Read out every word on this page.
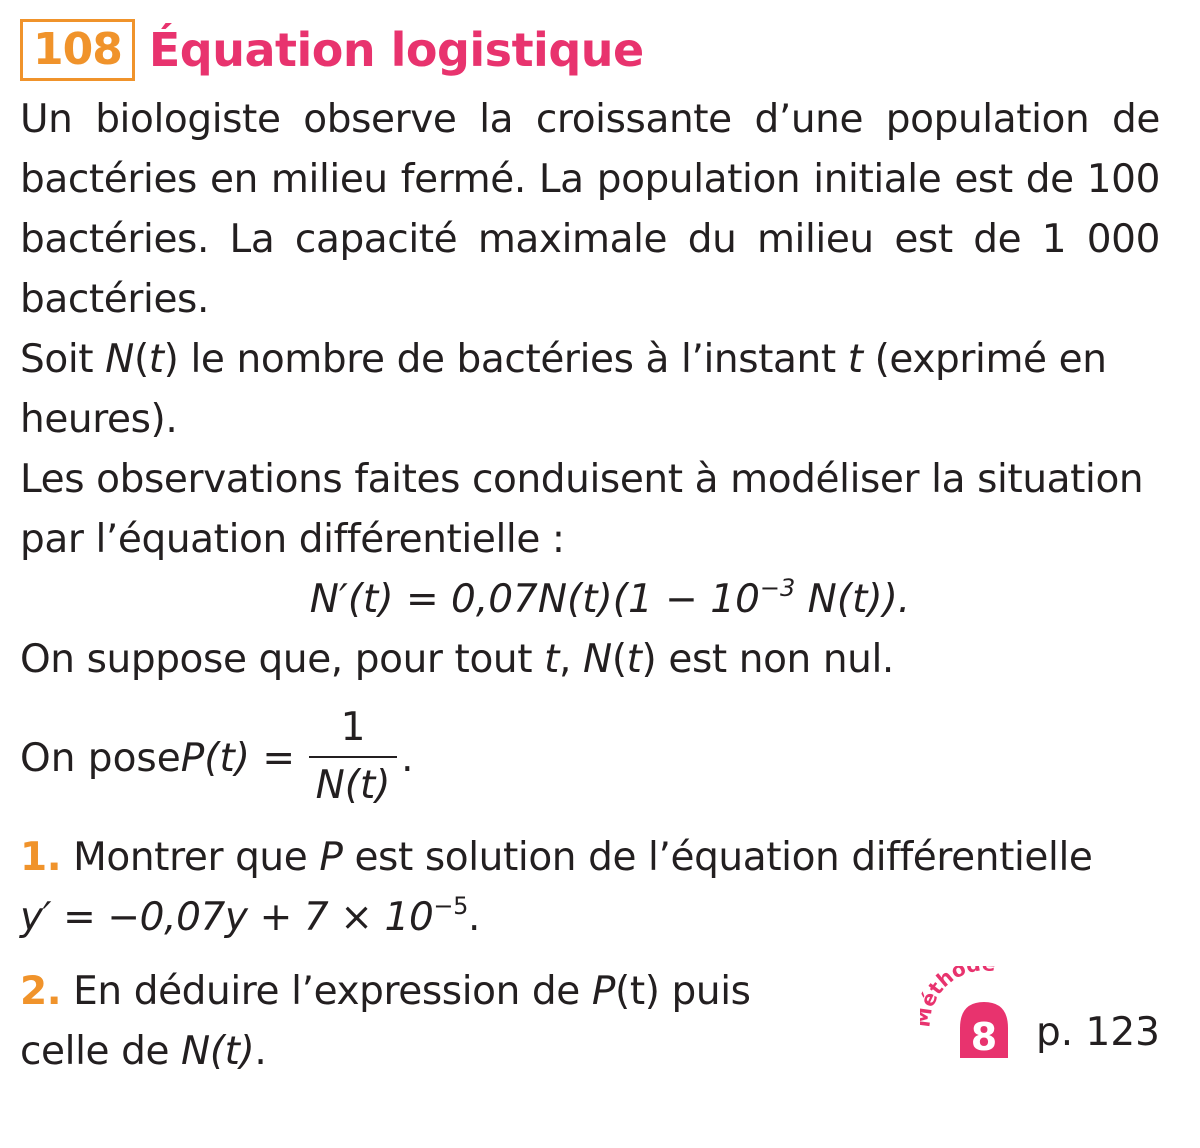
108 Équation logistique
Un biologiste observe la croissante d’une population de bactéries en milieu fermé. La population initiale est de 100 bactéries. La capacité maximale du milieu est de 1 000 bactéries.
Soit N(t) le nombre de bactéries à l’instant t (exprimé en heures).
Les observations faites conduisent à modéliser la situation par l’équation différentielle :
$N'(t) = 0,07N(t)(1 - 10^{-3}$ N(t)).
On suppose que, pour tout t, N(t) est non nul.
On pose P $(t) = \frac{1}{N(t)}$ .
1. Montrer que P est solution de l’équation différentielle
$y' = -0,07y + 7 \times 10^{-5}$.
2. En déduire l’expression de P(t) puis
celle de N(t).
tho
8 p. 123
